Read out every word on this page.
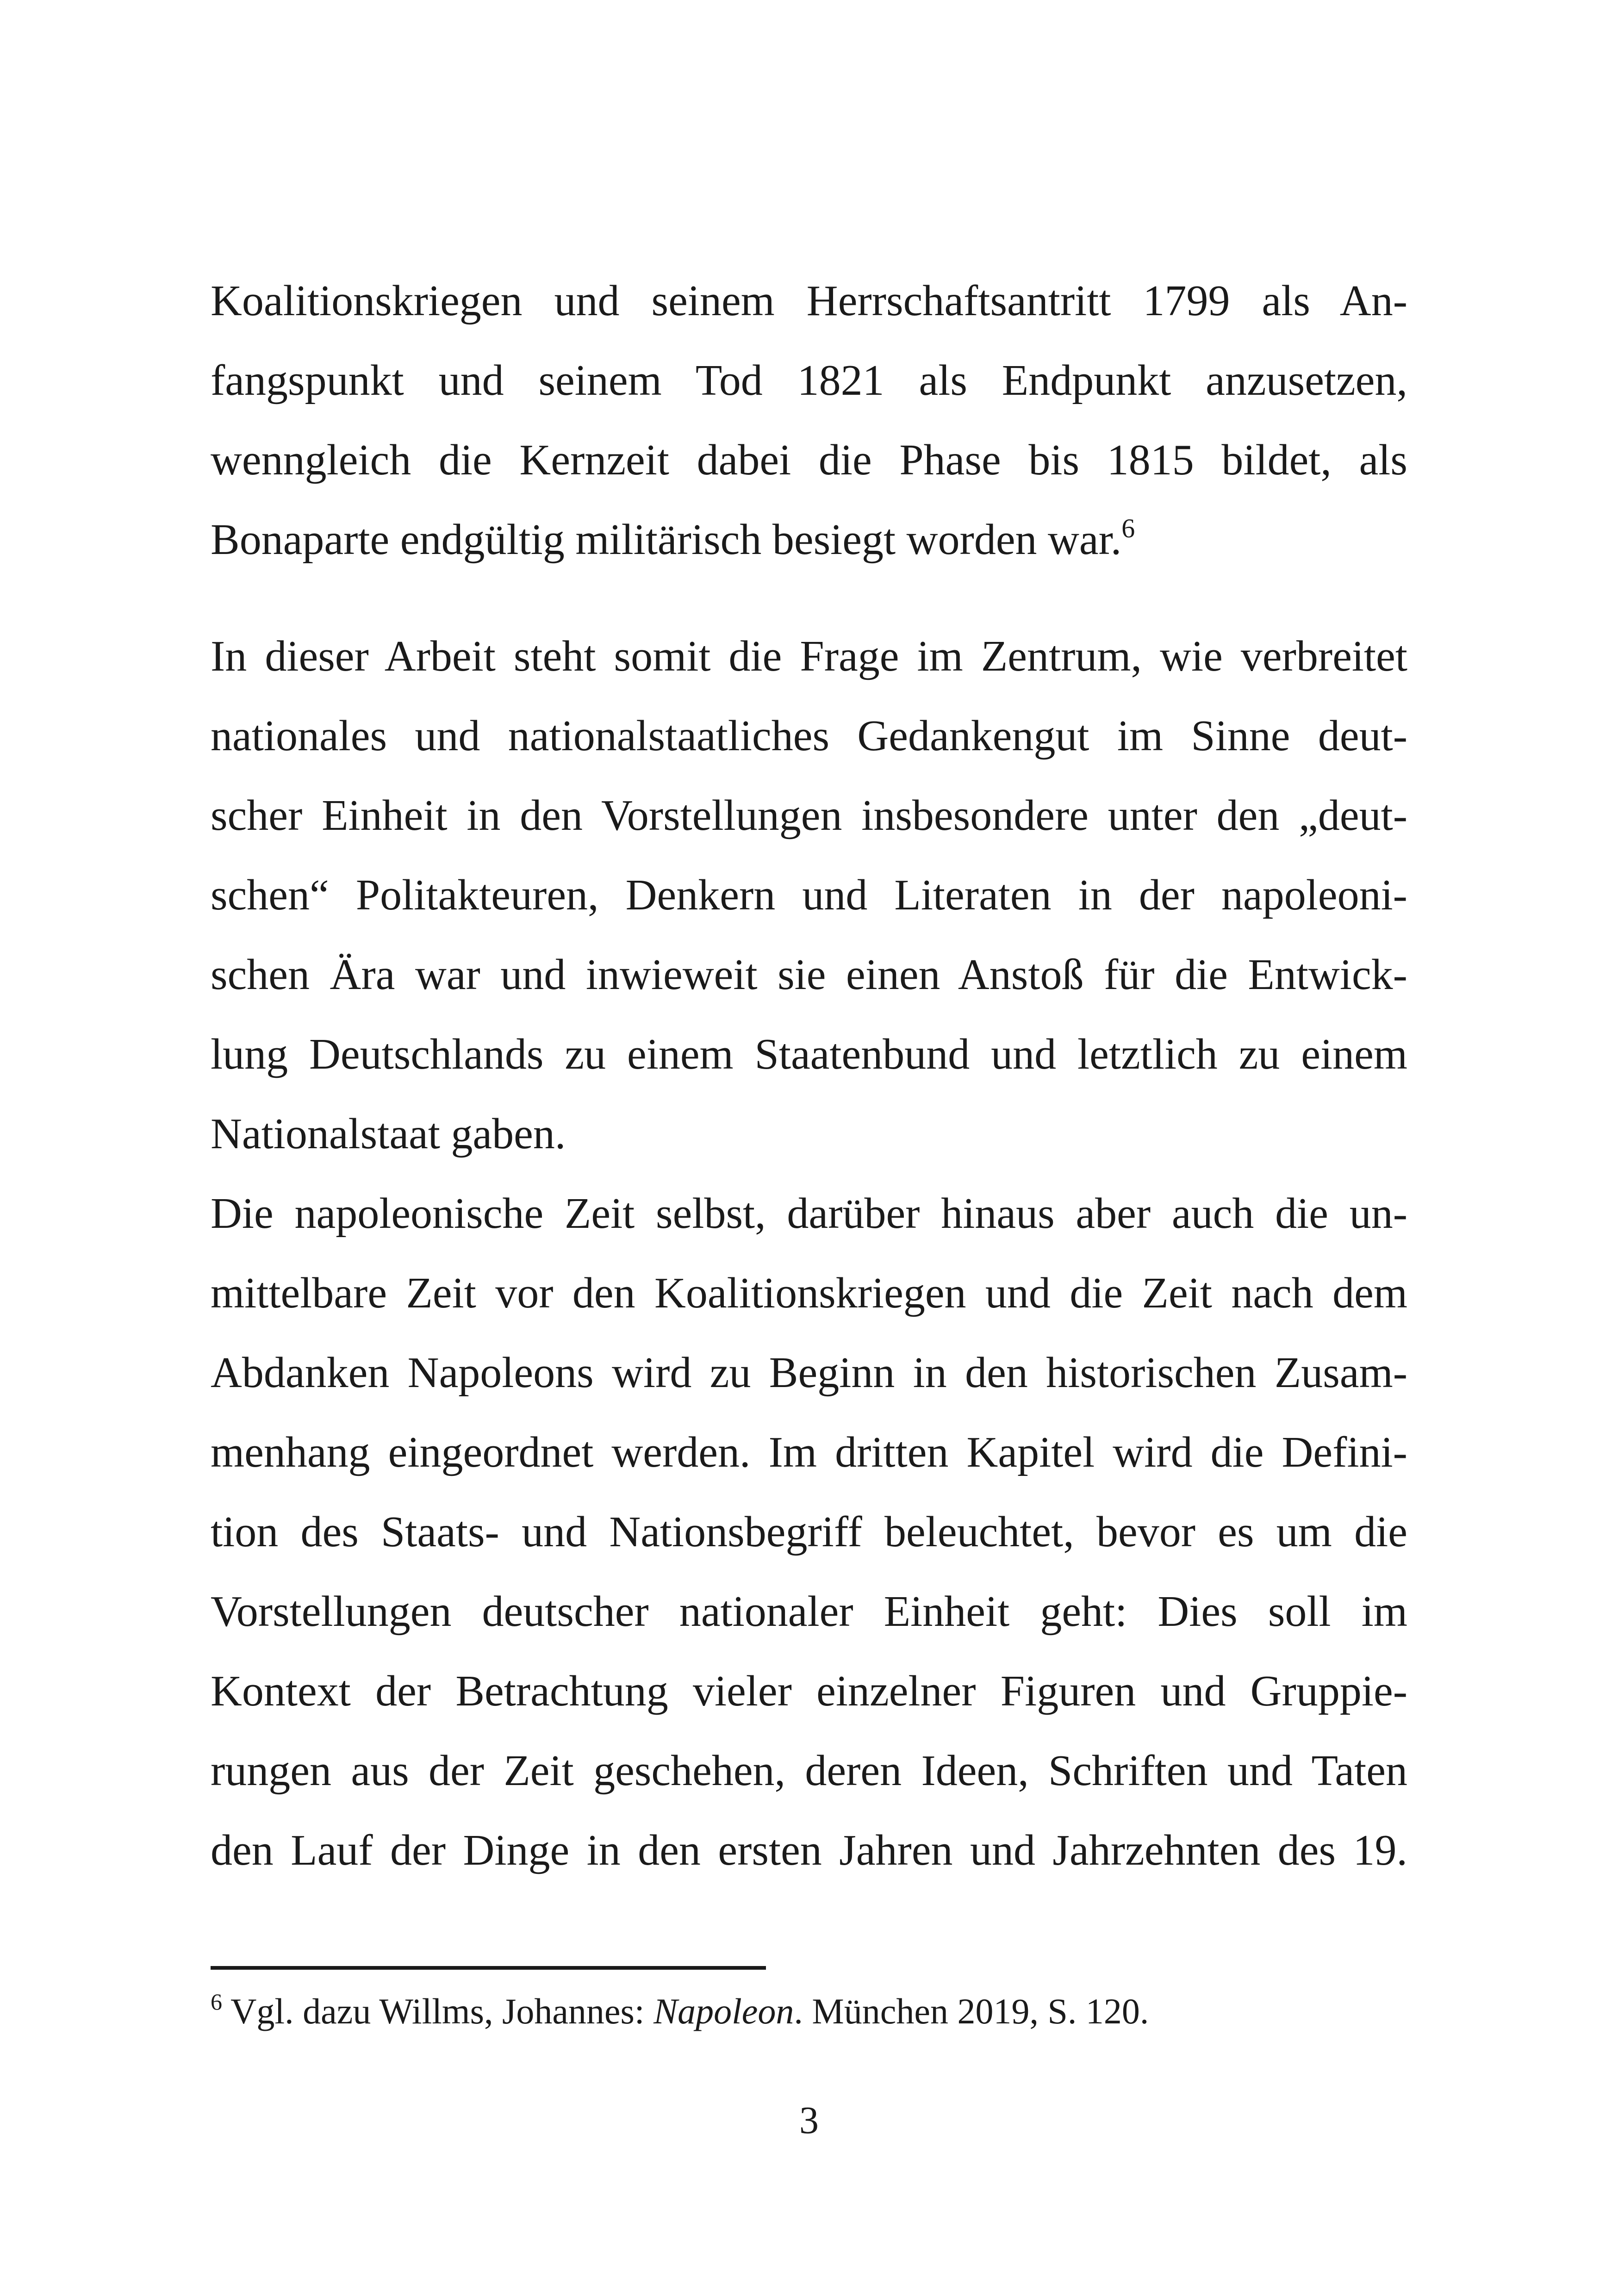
Koalitionskriegen und seinem Herrschaftsantritt 1799 als An-
fangspunkt und seinem Tod 1821 als Endpunkt anzusetzen,
wenngleich die Kernzeit dabei die Phase bis 1815 bildet, als
Bonaparte endgültig militärisch besiegt worden war.$^6$
In dieser Arbeit steht somit die Frage im Zentrum, wie verbreitet
nationales und nationalstaatliches Gedankengut im Sinne deut-
scher Einheit in den Vorstellungen insbesondere unter den „deut-
schen“ Politakteuren, Denkern und Literaten in der napoleoni-
schen Ära war und inwieweit sie einen Anstoß für die Entwick-
lung Deutschlands zu einem Staatenbund und letztlich zu einem
Nationalstaat gaben.
Die napoleonische Zeit selbst, darüber hinaus aber auch die un-
mittelbare Zeit vor den Koalitionskriegen und die Zeit nach dem
Abdanken Napoleons wird zu Beginn in den historischen Zusam-
menhang eingeordnet werden. Im dritten Kapitel wird die Defini-
tion des Staats- und Nationsbegriff beleuchtet, bevor es um die
Vorstellungen deutscher nationaler Einheit geht: Dies soll im
Kontext der Betrachtung vieler einzelner Figuren und Gruppie-
rungen aus der Zeit geschehen, deren Ideen, Schriften und Taten
den Lauf der Dinge in den ersten Jahren und Jahrzehnten des 19.
$^6$ Vgl. dazu Willms, Johannes: Napoleon. München 2019, S. 120.
3
